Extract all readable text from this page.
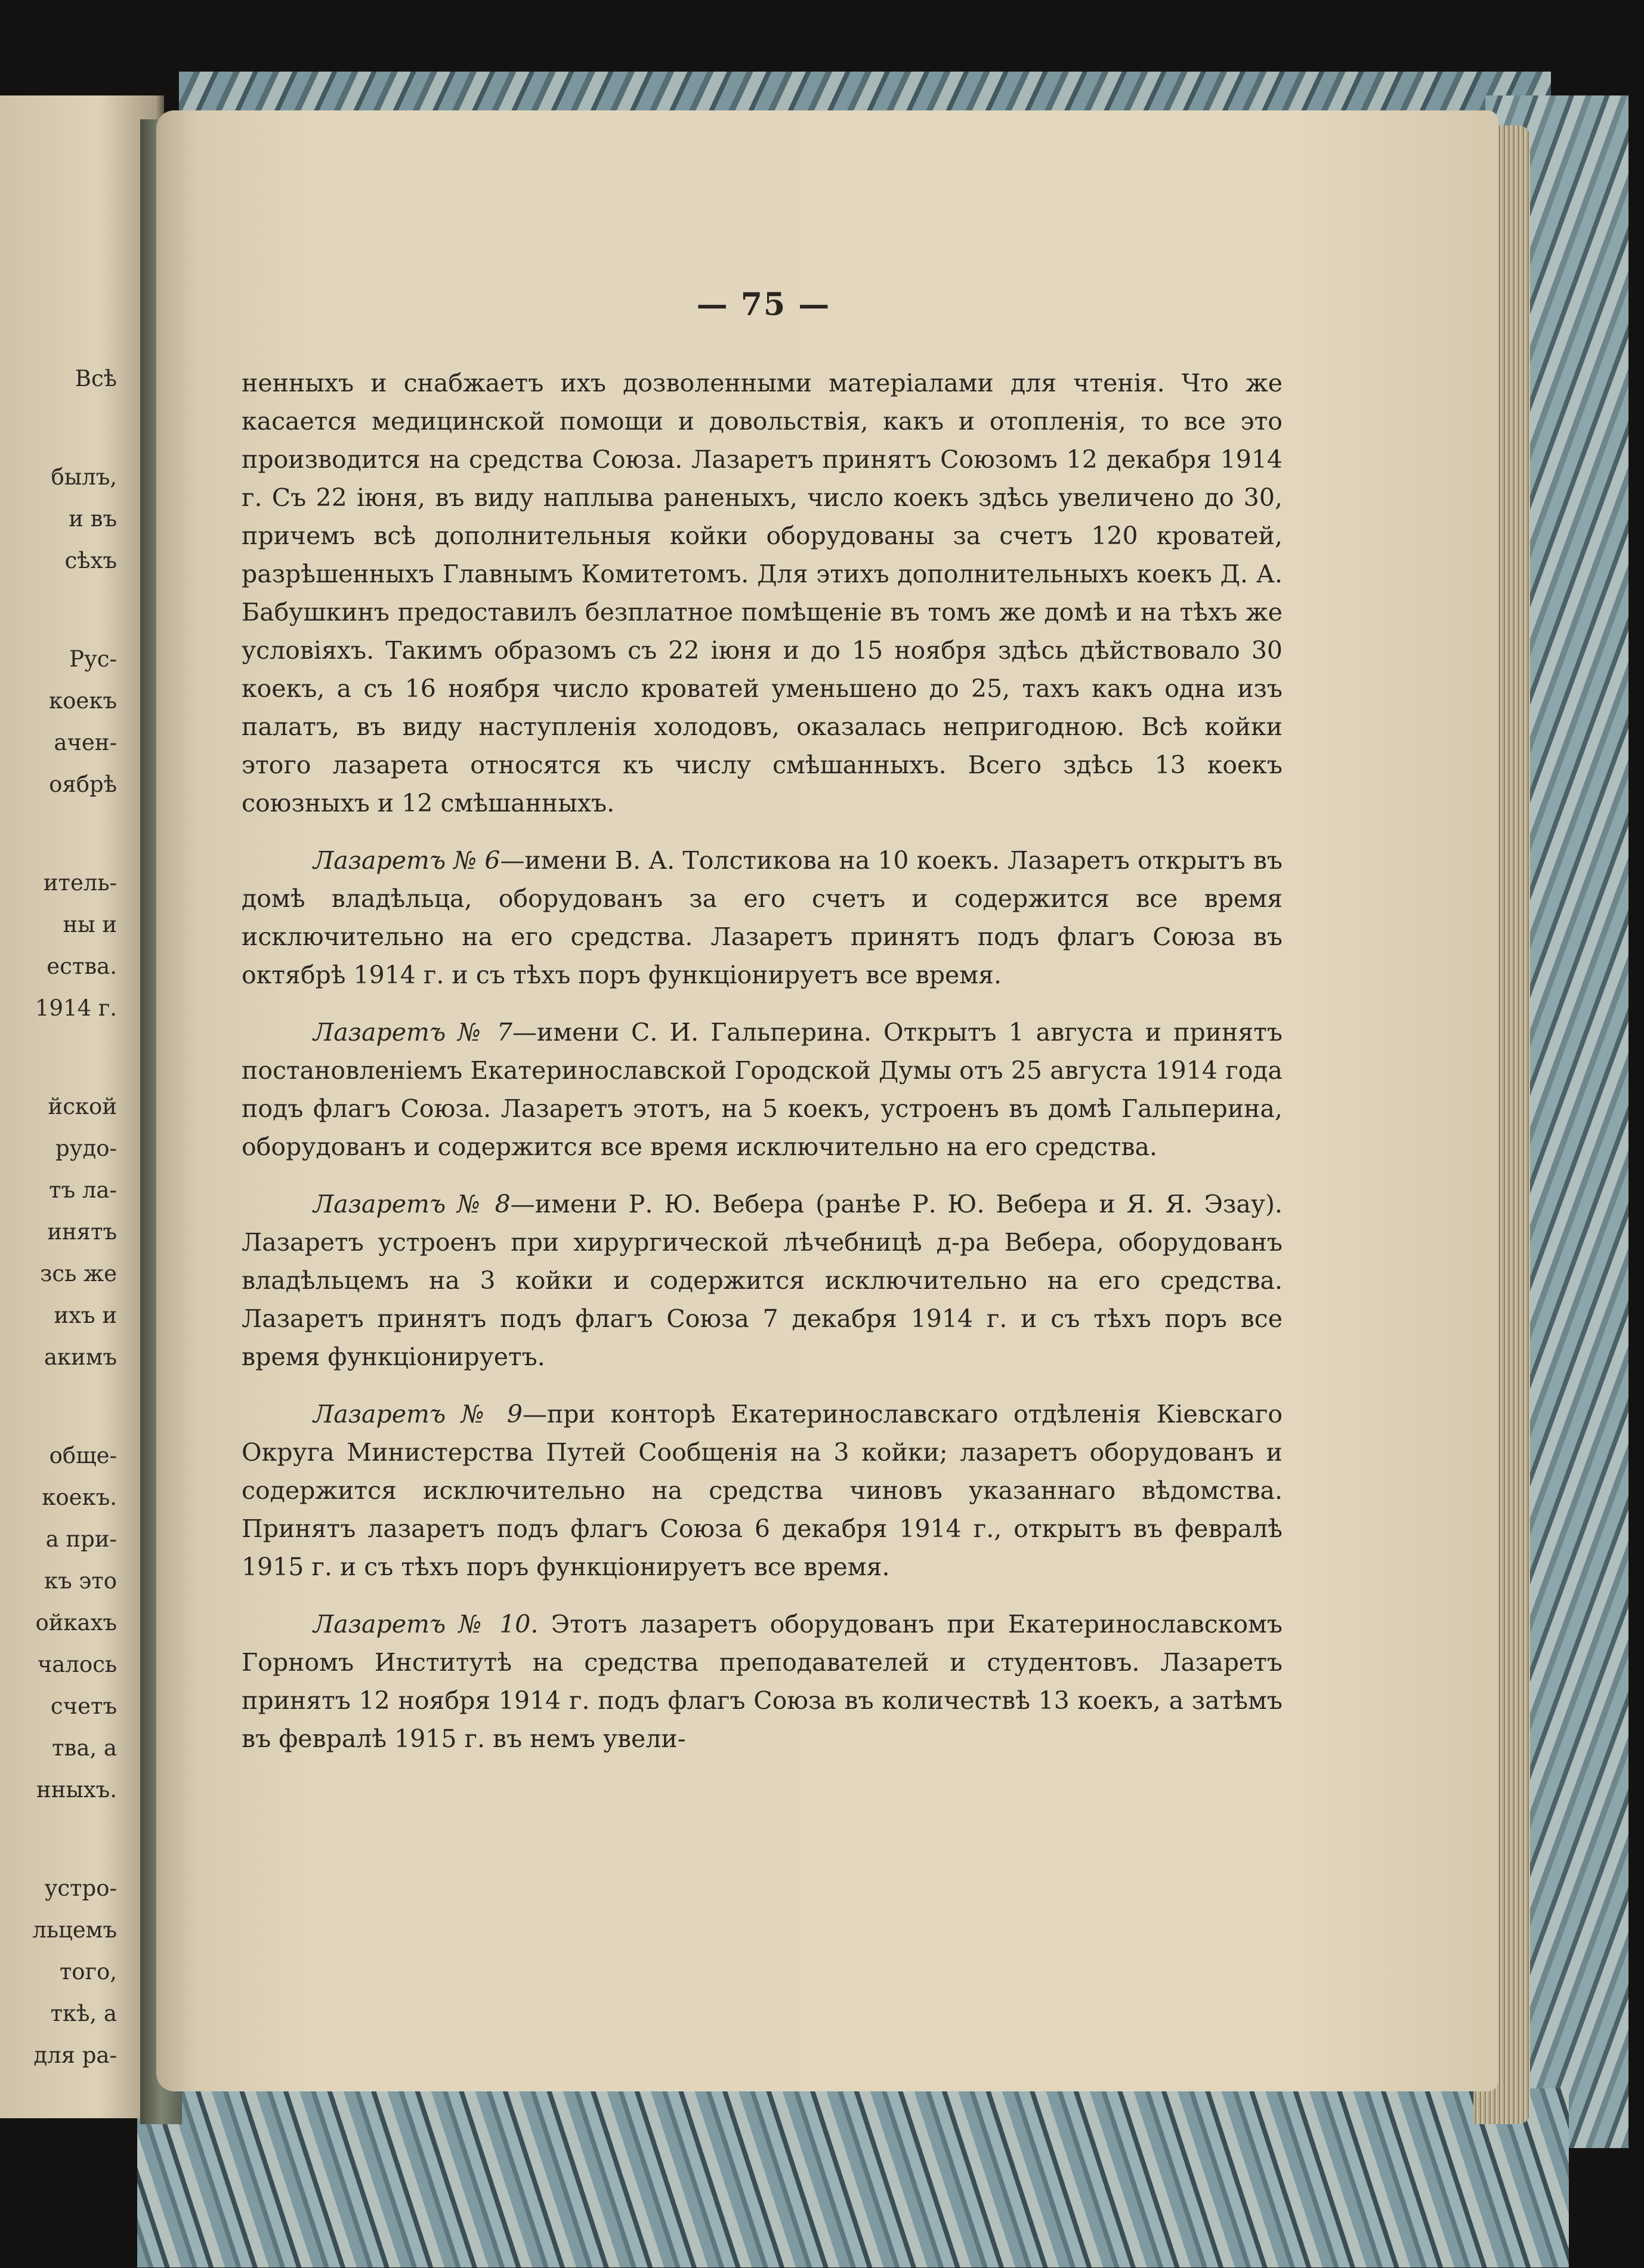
Всѣ
былъ,
и въ
сѣхъ
Рус-
коекъ
ачен-
оябрѣ
итель-
ны и
ества.
1914 г.
йской
рудо-
тъ ла-
инятъ
зсь же
ихъ и
акимъ
обще-
коекъ.
а при-
къ это
ойкахъ
чалось
счетъ
тва, а
нныхъ.
устро-
льцемъ
того,
ткѣ, а
для ра-
— 75 —

ненныхъ и снабжаетъ ихъ дозволенными матеріалами для чтенія. Что же касается медицинской помощи и довольствія, какъ и отопленія, то все это производится на средства Союза. Лазаретъ принятъ Союзомъ 12 декабря 1914 г. Съ 22 іюня, въ виду наплыва раненыхъ, число коекъ здѣсь увеличено до 30, причемъ всѣ дополнительныя койки оборудованы за счетъ 120 кроватей, разрѣшенныхъ Главнымъ Комитетомъ. Для этихъ дополнительныхъ коекъ Д. А. Бабушкинъ предоставилъ безплатное помѣщеніе въ томъ же домѣ и на тѣхъ же условіяхъ. Такимъ образомъ съ 22 іюня и до 15 ноября здѣсь дѣйствовало 30 коекъ, а съ 16 ноября число кроватей уменьшено до 25, тахъ какъ одна изъ палатъ, въ виду наступленія холодовъ, оказалась непригодною. Всѣ койки этого лазарета относятся къ числу смѣшанныхъ. Всего здѣсь 13 коекъ союзныхъ и 12 смѣшанныхъ.

Лазаретъ № 6—имени В. А. Толстикова на 10 коекъ. Лазаретъ открытъ въ домѣ владѣльца, оборудованъ за его счетъ и содержится все время исключительно на его средства. Лазаретъ принятъ подъ флагъ Союза въ октябрѣ 1914 г. и съ тѣхъ поръ функціонируетъ все время.

Лазаретъ № 7—имени С. И. Гальперина. Открытъ 1 августа и принятъ постановленіемъ Екатеринославской Городской Думы отъ 25 августа 1914 года подъ флагъ Союза. Лазаретъ этотъ, на 5 коекъ, устроенъ въ домѣ Гальперина, оборудованъ и содержится все время исключительно на его средства.

Лазаретъ № 8—имени Р. Ю. Вебера (ранѣе Р. Ю. Вебера и Я. Я. Эзау). Лазаретъ устроенъ при хирургической лѣчебницѣ д-ра Вебера, оборудованъ владѣльцемъ на 3 койки и содержится исключительно на его средства. Лазаретъ принятъ подъ флагъ Союза 7 декабря 1914 г. и съ тѣхъ поръ все время функціонируетъ.

Лазаретъ № 9—при конторѣ Екатеринославскаго отдѣленія Кіевскаго Округа Министерства Путей Сообщенія на 3 койки; лазаретъ оборудованъ и содержится исключительно на средства чиновъ указаннаго вѣдомства. Принятъ лазаретъ подъ флагъ Союза 6 декабря 1914 г., открытъ въ февралѣ 1915 г. и съ тѣхъ поръ функціонируетъ все время.

Лазаретъ № 10. Этотъ лазаретъ оборудованъ при Екатеринославскомъ Горномъ Институтѣ на средства преподавателей и студентовъ. Лазаретъ принятъ 12 ноября 1914 г. подъ флагъ Союза въ количествѣ 13 коекъ, а затѣмъ въ февралѣ 1915 г. въ немъ увели-
